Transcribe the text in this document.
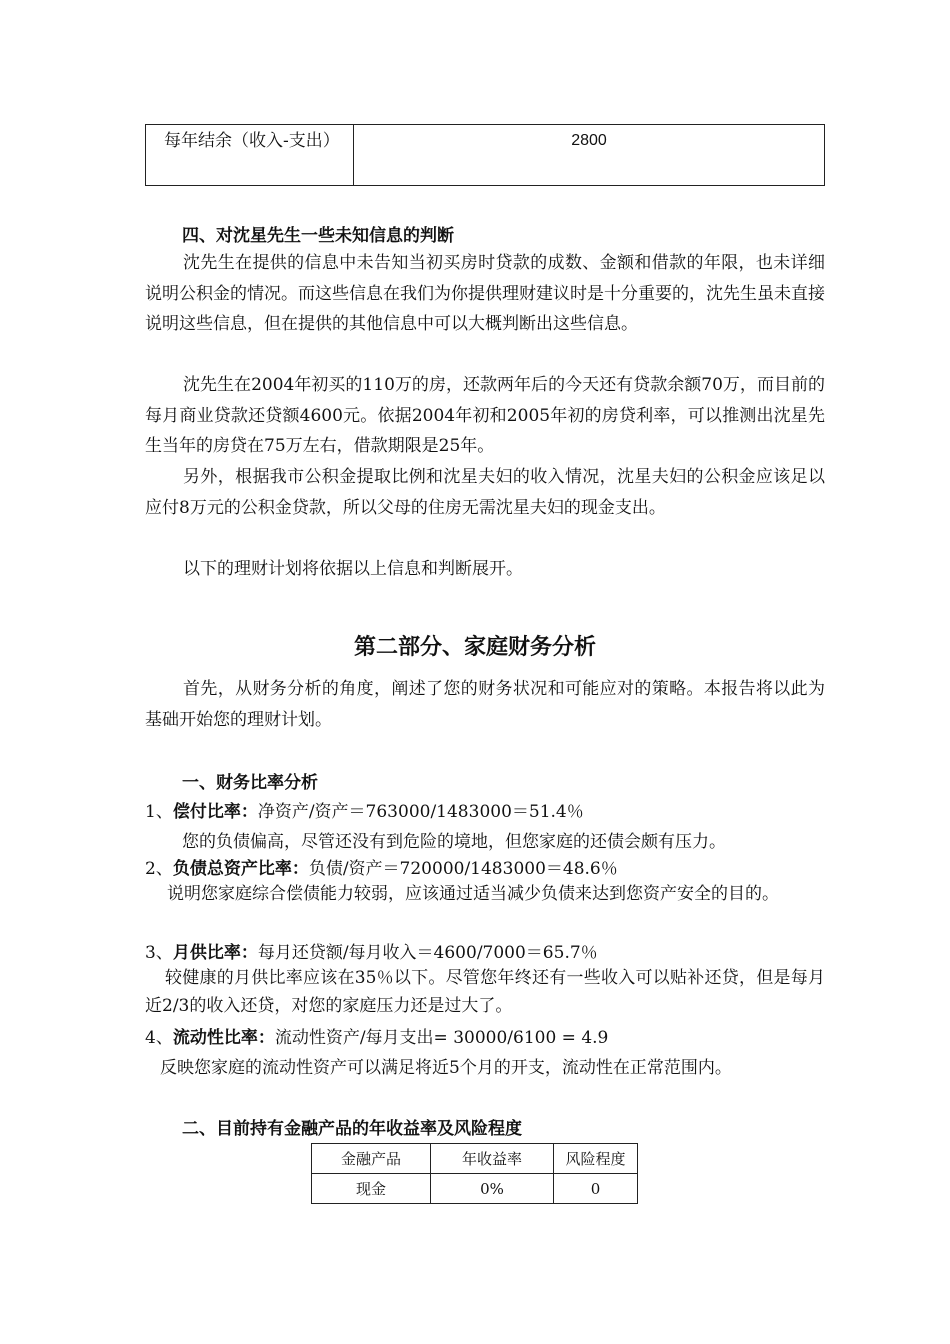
每年结余（收入-支出）	2800
四、对沈星先生一些未知信息的判断
沈先生在提供的信息中未告知当初买房时贷款的成数、金额和借款的年限，也未详细说明公积金的情况。而这些信息在我们为你提供理财建议时是十分重要的，沈先生虽未直接说明这些信息，但在提供的其他信息中可以大概判断出这些信息。
沈先生在2004年初买的110万的房，还款两年后的今天还有贷款余额70万，而目前的每月商业贷款还贷额4600元。依据2004年初和2005年初的房贷利率，可以推测出沈星先生当年的房贷在75万左右，借款期限是25年。
另外，根据我市公积金提取比例和沈星夫妇的收入情况，沈星夫妇的公积金应该足以应付8万元的公积金贷款，所以父母的住房无需沈星夫妇的现金支出。
以下的理财计划将依据以上信息和判断展开。
第二部分、家庭财务分析
首先，从财务分析的角度，阐述了您的财务状况和可能应对的策略。本报告将以此为基础开始您的理财计划。
一、财务比率分析
1、偿付比率：净资产/资产＝763000/1483000＝51.4％
您的负债偏高，尽管还没有到危险的境地，但您家庭的还债会颇有压力。
2、负债总资产比率：负债/资产＝720000/1483000＝48.6％
说明您家庭综合偿债能力较弱，应该通过适当减少负债来达到您资产安全的目的。
3、月供比率：每月还贷额/每月收入＝4600/7000＝65.7％
较健康的月供比率应该在35％以下。尽管您年终还有一些收入可以贴补还贷，但是每月近2/3的收入还贷，对您的家庭压力还是过大了。
4、流动性比率：流动性资产/每月支出= 30000/6100 = 4.9
反映您家庭的流动性资产可以满足将近5个月的开支，流动性在正常范围内。
二、目前持有金融产品的年收益率及风险程度
金融产品	年收益率	风险程度
现金	0%	0
